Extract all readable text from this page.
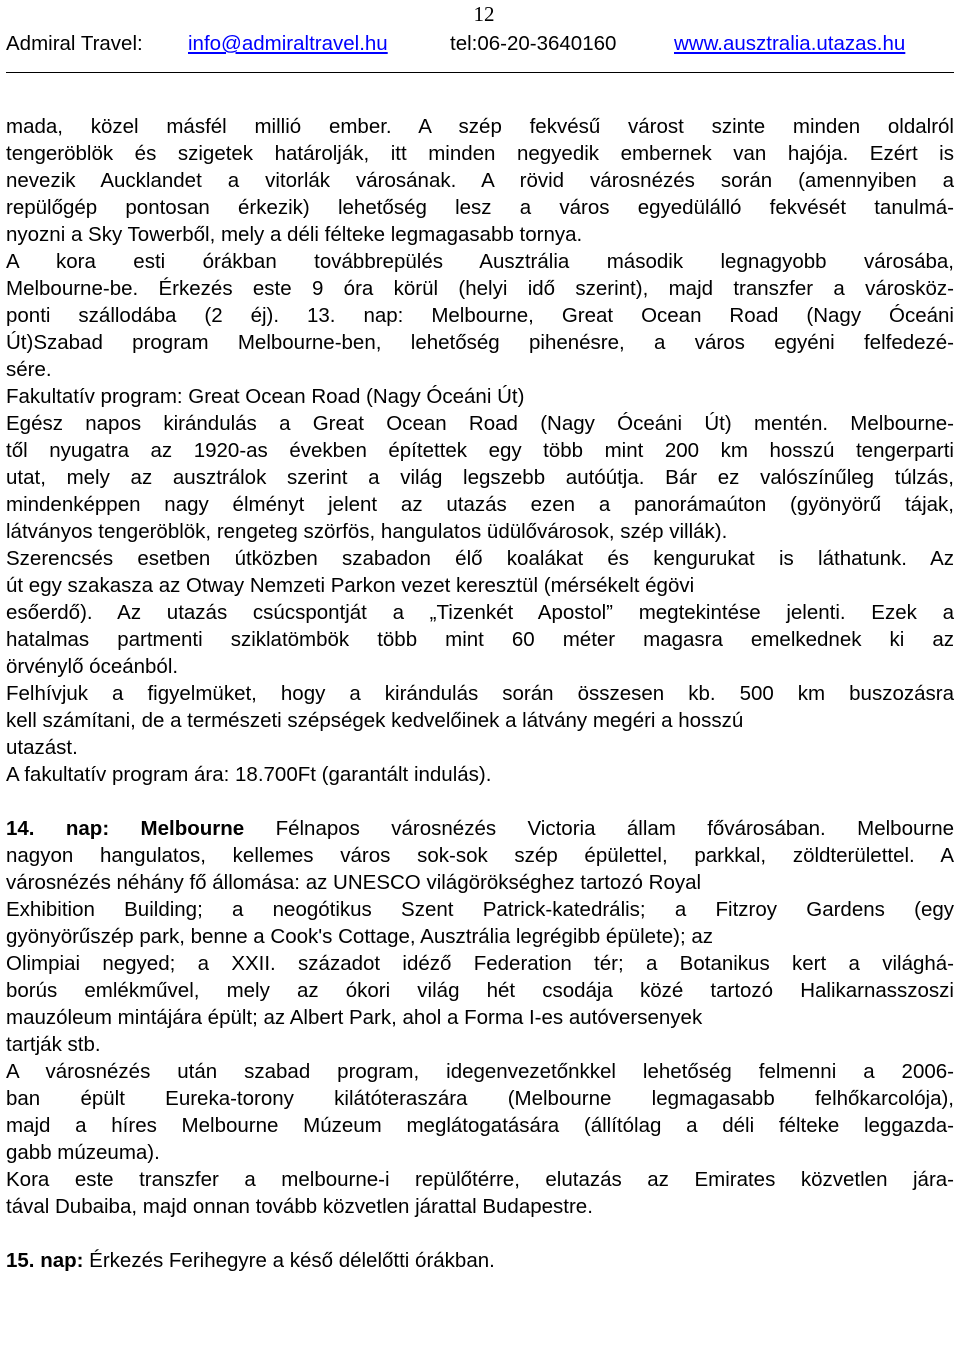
12
Admiral Travel: info@admiraltravel.hu	tel:06-20-3640160	www.ausztralia.utazas.hu

mada, közel másfél millió ember. A szép fekvésű várost szinte minden oldalról
tengeröblök és szigetek határolják, itt minden negyedik embernek van hajója. Ezért is
nevezik Aucklandet a vitorlák városának. A rövid városnézés során (amennyiben a
repülőgép pontosan érkezik) lehetőség lesz a város egyedülálló fekvését tanulmá-
nyozni a Sky Towerből, mely a déli félteke legmagasabb tornya.
A kora esti órákban továbbrepülés Ausztrália második legnagyobb városába,
Melbourne-be. Érkezés este 9 óra körül (helyi idő szerint), majd transzfer a városköz-
ponti szállodába (2 éj). 13. nap: Melbourne, Great Ocean Road (Nagy Óceáni
Út)Szabad program Melbourne-ben, lehetőség pihenésre, a város egyéni felfedezé-
sére.
Fakultatív program: Great Ocean Road (Nagy Óceáni Út)
Egész napos kirándulás a Great Ocean Road (Nagy Óceáni Út) mentén. Melbourne-
től nyugatra az 1920-as években építettek egy több mint 200 km hosszú tengerparti
utat, mely az ausztrálok szerint a világ legszebb autóútja. Bár ez valószínűleg túlzás,
mindenképpen nagy élményt jelent az utazás ezen a panorámaúton (gyönyörű tájak,
látványos tengeröblök, rengeteg szörfös, hangulatos üdülővárosok, szép villák).
Szerencsés esetben útközben szabadon élő koalákat és kengurukat is láthatunk. Az
út egy szakasza az Otway Nemzeti Parkon vezet keresztül (mérsékelt égövi
esőerdő). Az utazás csúcspontját a „Tizenkét Apostol” megtekintése jelenti. Ezek a
hatalmas partmenti sziklatömbök több mint 60 méter magasra emelkednek ki az
örvénylő óceánból.
Felhívjuk a figyelmüket, hogy a kirándulás során összesen kb. 500 km buszozásra
kell számítani, de a természeti szépségek kedvelőinek a látvány megéri a hosszú
utazást.
A fakultatív program ára: 18.700Ft (garantált indulás).

14. nap: Melbourne Félnapos városnézés Victoria állam fővárosában. Melbourne
nagyon hangulatos, kellemes város sok-sok szép épülettel, parkkal, zöldterülettel. A
városnézés néhány fő állomása: az UNESCO világörökséghez tartozó Royal
Exhibition Building; a neogótikus Szent Patrick-katedrális; a Fitzroy Gardens (egy
gyönyörűszép park, benne a Cook's Cottage, Ausztrália legrégibb épülete); az
Olimpiai negyed; a XXII. századot idéző Federation tér; a Botanikus kert a világhá-
borús emlékművel, mely az ókori világ hét csodája közé tartozó Halikarnasszoszi
mauzóleum mintájára épült; az Albert Park, ahol a Forma I-es autóversenyek
tartják stb.
A városnézés után szabad program, idegenvezetőnkkel lehetőség felmenni a 2006-
ban épült Eureka-torony kilátóteraszára (Melbourne legmagasabb felhőkarcolója),
majd a híres Melbourne Múzeum meglátogatására (állítólag a déli félteke leggazda-
gabb múzeuma).
Kora este transzfer a melbourne-i repülőtérre, elutazás az Emirates közvetlen jára-
tával Dubaiba, majd onnan tovább közvetlen járattal Budapestre.

15. nap: Érkezés Ferihegyre a késő délelőtti órákban.
